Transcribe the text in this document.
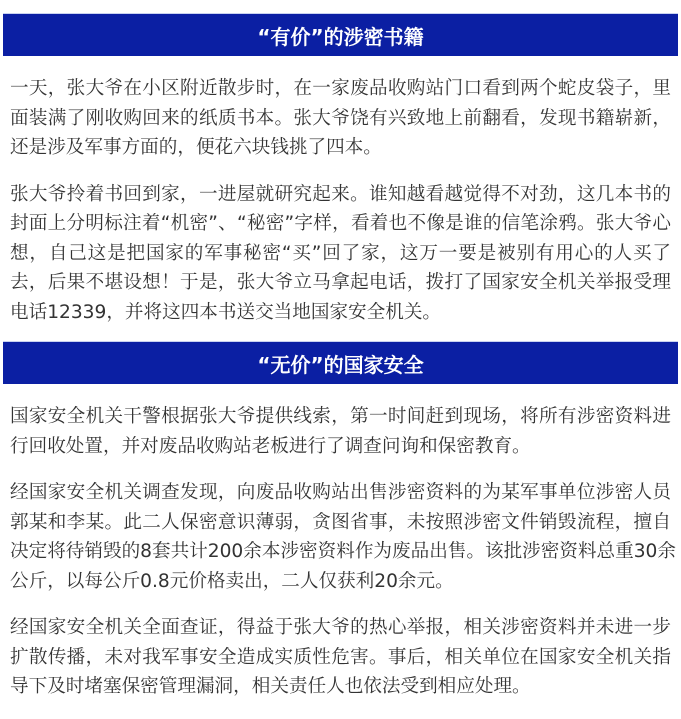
“有价”的涉密书籍

一天，张大爷在小区附近散步时，在一家废品收购站门口看到两个蛇皮袋子，里
面装满了刚收购回来的纸质书本。张大爷饶有兴致地上前翻看，发现书籍崭新，
还是涉及军事方面的，便花六块钱挑了四本。

张大爷拎着书回到家，一进屋就研究起来。谁知越看越觉得不对劲，这几本书的
封面上分明标注着“机密”、“秘密”字样，看着也不像是谁的信笔涂鸦。张大爷心
想，自己这是把国家的军事秘密“买”回了家，这万一要是被别有用心的人买了
去，后果不堪设想！于是，张大爷立马拿起电话，拨打了国家安全机关举报受理
电话12339，并将这四本书送交当地国家安全机关。

“无价”的国家安全

国家安全机关干警根据张大爷提供线索，第一时间赶到现场，将所有涉密资料进
行回收处置，并对废品收购站老板进行了调查问询和保密教育。

经国家安全机关调查发现，向废品收购站出售涉密资料的为某军事单位涉密人员
郭某和李某。此二人保密意识薄弱，贪图省事，未按照涉密文件销毁流程，擅自
决定将待销毁的8套共计200余本涉密资料作为废品出售。该批涉密资料总重30余
公斤，以每公斤0.8元价格卖出，二人仅获利20余元。

经国家安全机关全面查证，得益于张大爷的热心举报，相关涉密资料并未进一步
扩散传播，未对我军事安全造成实质性危害。事后，相关单位在国家安全机关指
导下及时堵塞保密管理漏洞，相关责任人也依法受到相应处理。
